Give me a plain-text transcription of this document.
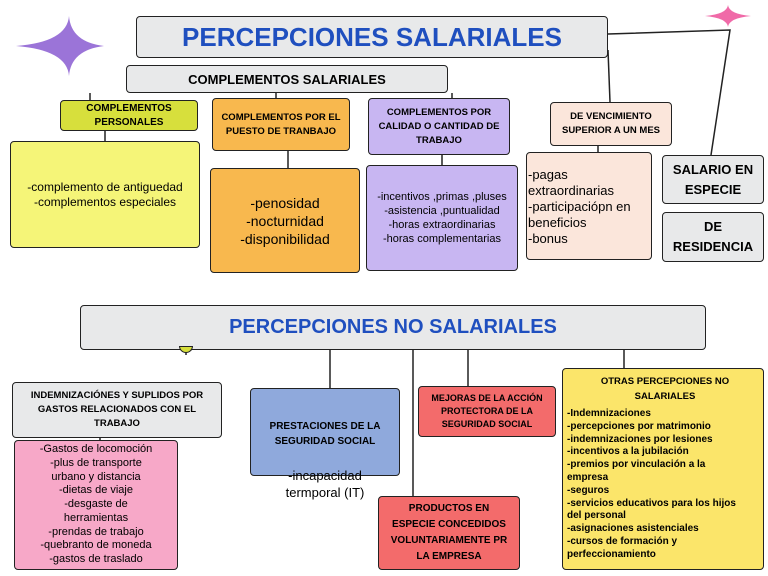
PERCEPCIONES SALARIALES
COMPLEMENTOS SALARIALES
COMPLEMENTOS
PERSONALES
-complemento de antiguedad
-complementos especiales
COMPLEMENTOS POR EL
PUESTO DE TRANBAJO
-penosidad
-nocturnidad
-disponibilidad
COMPLEMENTOS POR
CALIDAD O CANTIDAD DE
TRABAJO
-incentivos ,primas ,pluses
-asistencia ,puntualidad
-horas extraordinarias
-horas complementarias
DE VENCIMIENTO
SUPERIOR A UN MES
-pagas
extraordinarias
-participaciópn en
beneficios
-bonus
SALARIO EN
ESPECIE
DE
RESIDENCIA
PERCEPCIONES NO SALARIALES
INDEMNIZACIÓNES Y SUPLIDOS POR
GASTOS RELACIONADOS CON EL
TRABAJO
-Gastos de locomoción
-plus de transporte
urbano y distancia
-dietas de viaje
-desgaste de
herramientas
-prendas de trabajo
-quebranto de moneda
-gastos de traslado

PRESTACIONES DE LA
SEGURIDAD SOCIAL

-incapacidad
termporal (IT)

MEJORAS DE LA ACCIÓN
PROTECTORA DE LA
SEGURIDAD SOCIAL
PRODUCTOS EN
ESPECIE CONCEDIDOS
VOLUNTARIAMENTE PR
LA EMPRESA
OTRAS PERCEPCIONES NO
SALARIALES
-Indemnizaciones
-percepciones por matrimonio
-indemnizaciones por lesiones
-incentivos a la jubilación
-premios por vinculación a la
empresa
-seguros
-servicios educativos para los hijos
del personal
-asignaciones asistenciales
-cursos de formación y
perfeccionamiento
